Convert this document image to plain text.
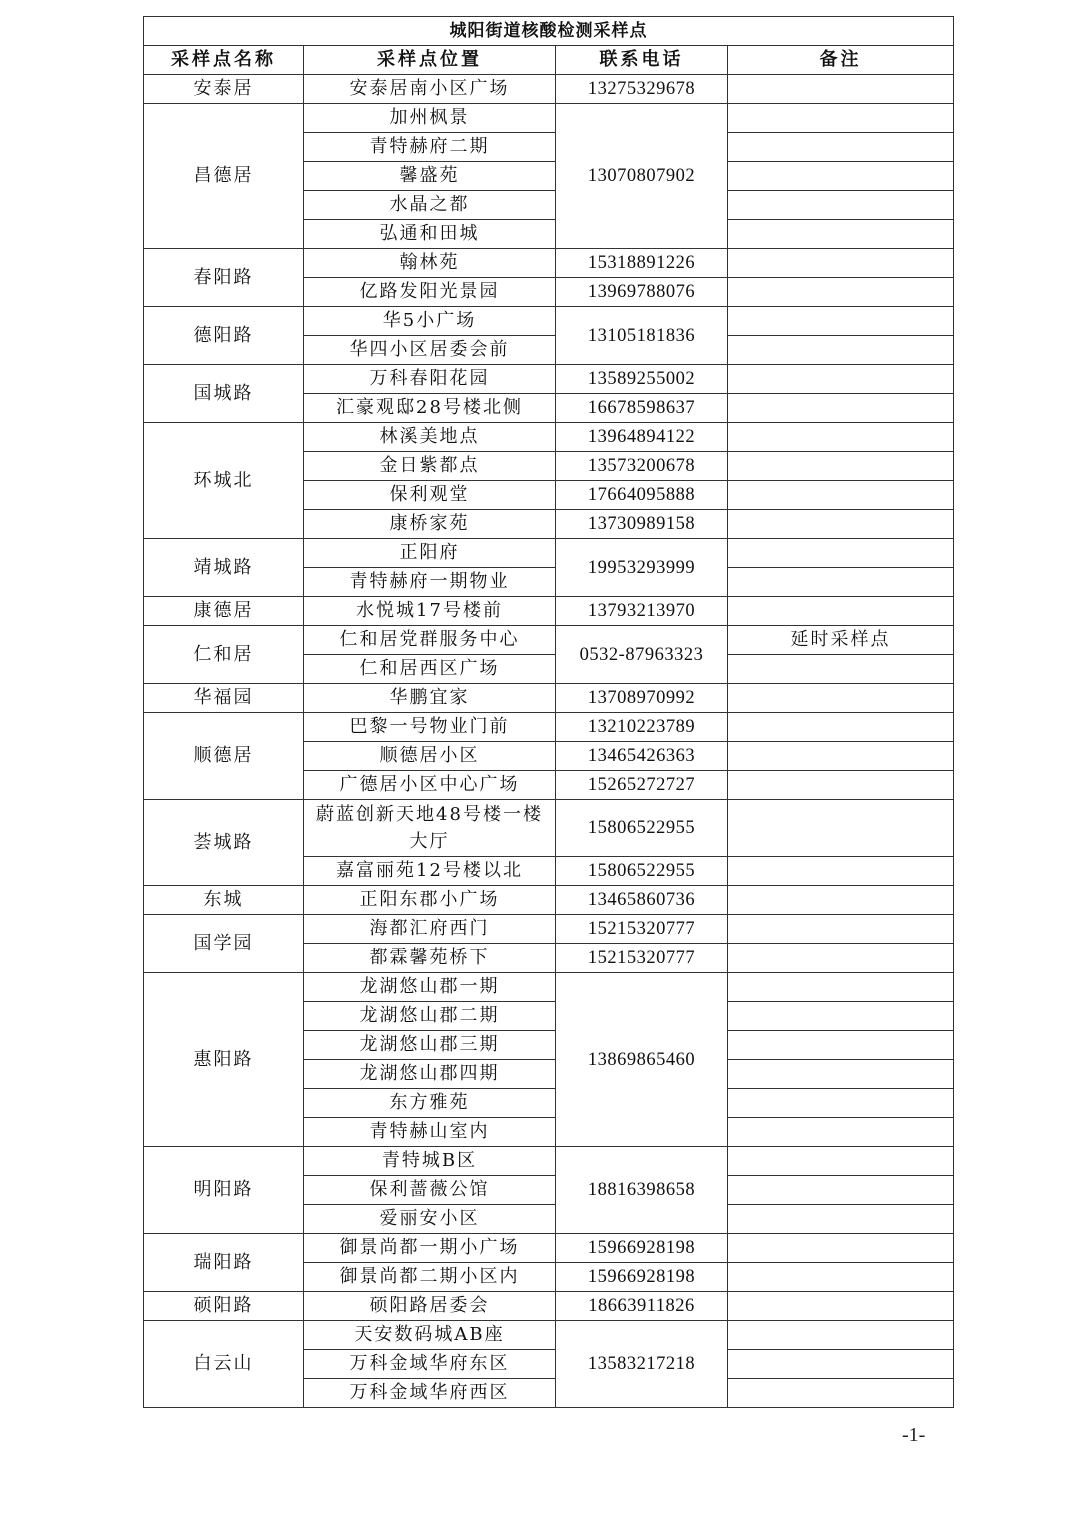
城阳街道核酸检测采样点			
采样点名称	采样点位置	联系电话	备注
安泰居	安泰居南小区广场	13275329678	
昌德居	加州枫景	13070807902	
	青特赫府二期		
	馨盛苑		
	水晶之都		
	弘通和田城		
春阳路	翰林苑	15318891226	
	亿路发阳光景园	13969788076	
德阳路	华5小广场	13105181836	
	华四小区居委会前		
国城路	万科春阳花园	13589255002	
	汇豪观邸28号楼北侧	16678598637	
环城北	林溪美地点	13964894122	
	金日紫都点	13573200678	
	保利观堂	17664095888	
	康桥家苑	13730989158	
靖城路	正阳府	19953293999	
	青特赫府一期物业		
康德居	水悦城17号楼前	13793213970	
仁和居	仁和居党群服务中心	0532-87963323	延时采样点
	仁和居西区广场		
华福园	华鹏宜家	13708970992	
顺德居	巴黎一号物业门前	13210223789	
	顺德居小区	13465426363	
	广德居小区中心广场	15265272727	
荟城路	蔚蓝创新天地48号楼一楼大厅	15806522955	
	嘉富丽苑12号楼以北	15806522955	
东城	正阳东郡小广场	13465860736	
国学园	海都汇府西门	15215320777	
	都霖馨苑桥下	15215320777	
惠阳路	龙湖悠山郡一期	13869865460	
	龙湖悠山郡二期		
	龙湖悠山郡三期		
	龙湖悠山郡四期		
	东方雅苑		
	青特赫山室内		
明阳路	青特城B区	18816398658	
	保利蔷薇公馆		
	爱丽安小区		
瑞阳路	御景尚都一期小广场	15966928198	
	御景尚都二期小区内	15966928198	
硕阳路	硕阳路居委会	18663911826	
白云山	天安数码城AB座	13583217218	
	万科金域华府东区		
	万科金域华府西区		
-1-
